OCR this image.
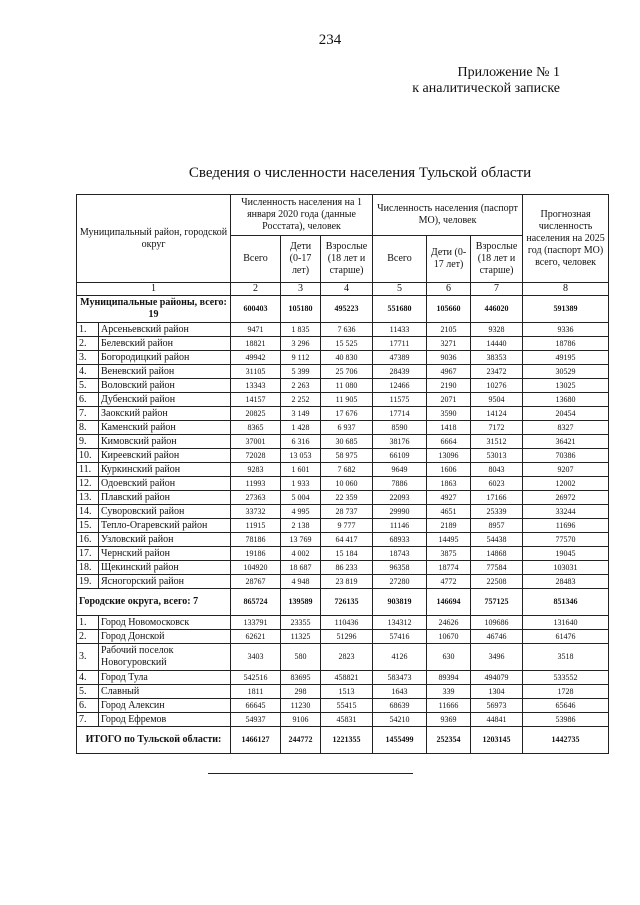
234
Приложение № 1
к аналитической записке
Сведения о численности населения Тульской области
Муниципальный район, городской округ		Численность населения на 1 января 2020 года (данные Росстата), человек			Численность населения (паспорт МО), человек			Прогнозная численность населения на 2025 год (паспорт МО) всего, человек
		Всего	Дети (0-17 лет)	Взрослые (18 лет и старше)	Всего	Дети (0-17 лет)	Взрослые (18 лет и старше)	
1		2	3	4	5	6	7	8
Муниципальные районы, всего: 19		600403	105180	495223	551680	105660	446020	591389
1.	Арсеньевский район	9471	1 835	7 636	11433	2105	9328	9336
2.	Белевский район	18821	3 296	15 525	17711	3271	14440	18786
3.	Богородицкий район	49942	9 112	40 830	47389	9036	38353	49195
4.	Веневский район	31105	5 399	25 706	28439	4967	23472	30529
5.	Воловский район	13343	2 263	11 080	12466	2190	10276	13025
6.	Дубенский район	14157	2 252	11 905	11575	2071	9504	13680
7.	Заокский район	20825	3 149	17 676	17714	3590	14124	20454
8.	Каменский район	8365	1 428	6 937	8590	1418	7172	8327
9.	Кимовский район	37001	6 316	30 685	38176	6664	31512	36421
10.	Киреевский район	72028	13 053	58 975	66109	13096	53013	70386
11.	Куркинский район	9283	1 601	7 682	9649	1606	8043	9207
12.	Одоевский район	11993	1 933	10 060	7886	1863	6023	12002
13.	Плавский район	27363	5 004	22 359	22093	4927	17166	26972
14.	Суворовский район	33732	4 995	28 737	29990	4651	25339	33244
15.	Тепло-Огаревский район	11915	2 138	9 777	11146	2189	8957	11696
16.	Узловский район	78186	13 769	64 417	68933	14495	54438	77570
17.	Чернский район	19186	4 002	15 184	18743	3875	14868	19045
18.	Щекинский район	104920	18 687	86 233	96358	18774	77584	103031
19.	Ясногорский район	28767	4 948	23 819	27280	4772	22508	28483
Городские округа, всего: 7		865724	139589	726135	903819	146694	757125	851346
1.	Город Новомосковск	133791	23355	110436	134312	24626	109686	131640
2.	Город Донской	62621	11325	51296	57416	10670	46746	61476
3.	Рабочий поселок Новогуровский	3403	580	2823	4126	630	3496	3518
4.	Город Тула	542516	83695	458821	583473	89394	494079	533552
5.	Славный	1811	298	1513	1643	339	1304	1728
6.	Город Алексин	66645	11230	55415	68639	11666	56973	65646
7.	Город Ефремов	54937	9106	45831	54210	9369	44841	53986
ИТОГО по Тульской области:		1466127	244772	1221355	1455499	252354	1203145	1442735
